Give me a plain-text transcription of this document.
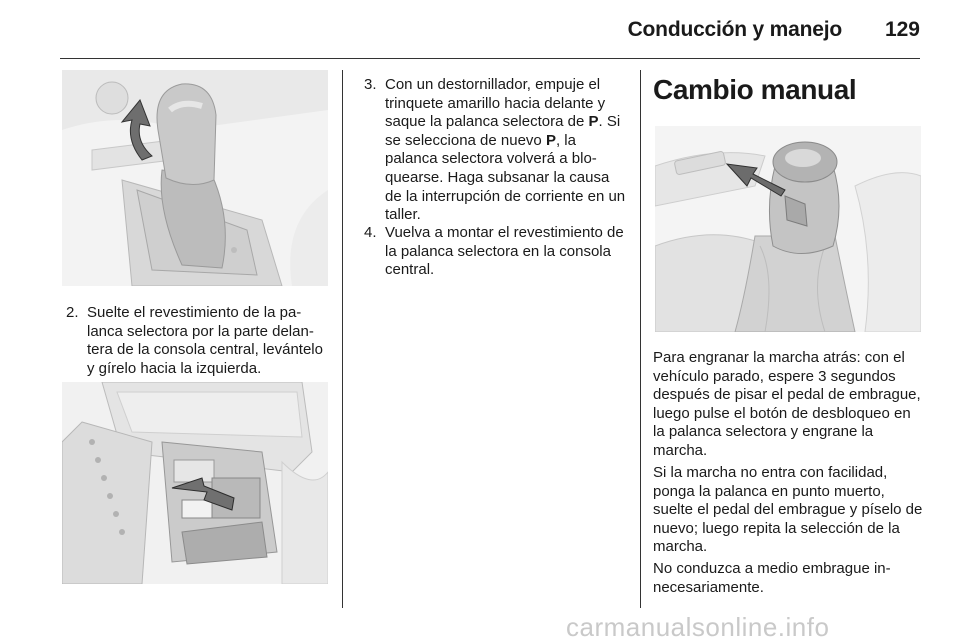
Conducción y manejo 129
2. Suelte el revestimiento de la palanca selectora por la parte delantera de la consola central, levántelo y gírelo hacia la izquierda.
3. Con un destornillador, empuje el trinquete amarillo hacia delante y saque la palanca selectora de P. Si se selecciona de nuevo P, la palanca selectora volverá a bloquearse. Haga subsanar la causa de la interrupción de corriente en un taller.
4. Vuelva a montar el revestimiento de la palanca selectora en la consola central.
Cambio manual

Para engranar la marcha atrás: con el vehículo parado, espere 3 segundos después de pisar el pedal de embrague, luego pulse el botón de desbloqueo en la palanca selectora y engrane la marcha.

Si la marcha no entra con facilidad, ponga la palanca en punto muerto, suelte el pedal del embrague y píselo de nuevo; luego repita la selección de la marcha.

No conduzca a medio embrague innecesariamente.

carmanualsonline.info
